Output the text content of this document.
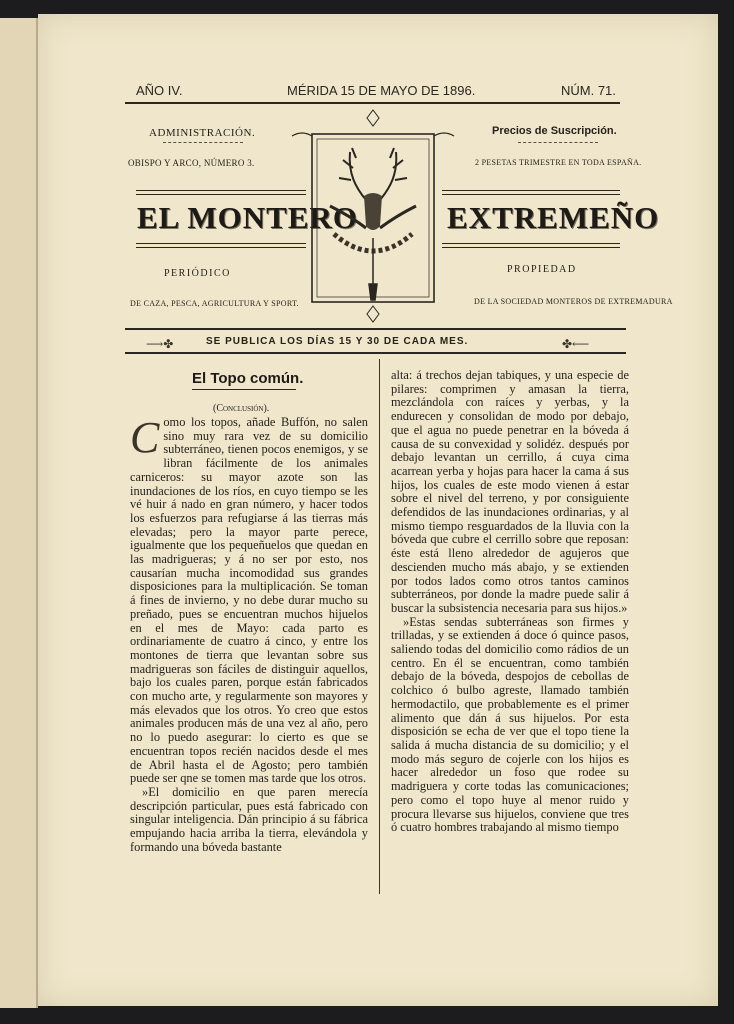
AÑO IV.	MÉRIDA 15 DE MAYO DE 1896.	NÚM. 71.
ADMINISTRACIÓN.
OBISPO Y ARCO, NÚMERO 3.
Precios de Suscripción.
2 PESETAS TRIMESTRE EN TODA ESPAÑA.
EL MONTERO	EXTREMEÑO
PERIÓDICO
DE CAZA, PESCA, AGRICULTURA Y SPORT.
PROPIEDAD
DE LA SOCIEDAD MONTEROS DE EXTREMADURA
⟶✤	SE PUBLICA LOS DÍAS 15 Y 30 DE CADA MES.	✤⟵
El Topo común.
(Conclusión).
C omo los topos, añade Buffón, no salen sino muy rara vez de su domicilio subterráneo, tienen pocos enemigos, y se libran fácilmente de los animales carniceros: su mayor azote son las inundaciones de los ríos, en cuyo tiempo se les vé huir á nado en gran número, y hacer todos los esfuerzos para refugiarse á las tierras más elevadas; pero la mayor parte perece, igualmente que los pequeñuelos que quedan en las madrigueras; y á no ser por esto, nos causarían mucha incomodidad sus grandes disposiciones para la multiplicación. Se toman á fines de invierno, y no debe durar mucho su preñado, pues se encuentran muchos hijuelos en el mes de Mayo: cada parto es ordinariamente de cuatro á cinco, y entre los montones de tierra que levantan sobre sus madrigueras son fáciles de distinguir aquellos, bajo los cuales paren, porque están fabricados con mucho arte, y regularmente son mayores y más elevados que los otros. Yo creo que estos animales producen más de una vez al año, pero no lo puedo asegurar: lo cierto es que se encuentran topos recién nacidos desde el mes de Abril hasta el de Agosto; pero también puede ser qne se tomen mas tarde que los otros.

»El domicilio en que paren merecía descripción particular, pues está fabricado con singular inteligencia. Dán principio á su fábrica empujando hacia arriba la tierra, elevándola y formando una bóveda bastante

alta: á trechos dejan tabiques, y una especie de pilares: comprimen y amasan la tierra, mezclándola con raíces y yerbas, y la endurecen y consolidan de modo por debajo, que el agua no puede penetrar en la bóveda á causa de su convexidad y solidéz. después por debajo levantan un cerrillo, á cuya cima acarrean yerba y hojas para hacer la cama á sus hijos, los cuales de este modo vienen á estar sobre el nivel del terreno, y por consiguiente defendidos de las inundaciones ordinarias, y al mismo tiempo resguardados de la lluvia con la bóveda que cubre el cerrillo sobre que reposan: éste está lleno alrededor de agujeros que descienden mucho más abajo, y se extienden por todos lados como otros tantos caminos subterráneos, por donde la madre puede salir á buscar la subsistencia necesaria para sus hijos.»

»Estas sendas subterráneas son firmes y trilladas, y se extienden á doce ó quince pasos, saliendo todas del domicilio como rádios de un centro. En él se encuentran, como también debajo de la bóveda, despojos de cebollas de colchico ó bulbo agreste, llamado también hermodactilo, que probablemente es el primer alimento que dán á sus hijuelos. Por esta disposición se echa de ver que el topo tiene la salida á mucha distancia de su domicilio; y el modo más seguro de cojerle con los hijos es hacer alrededor un foso que rodee su madriguera y corte todas las comunicaciones; pero como el topo huye al menor ruido y procura llevarse sus hijuelos, conviene que tres ó cuatro hombres trabajando al mismo tiempo
